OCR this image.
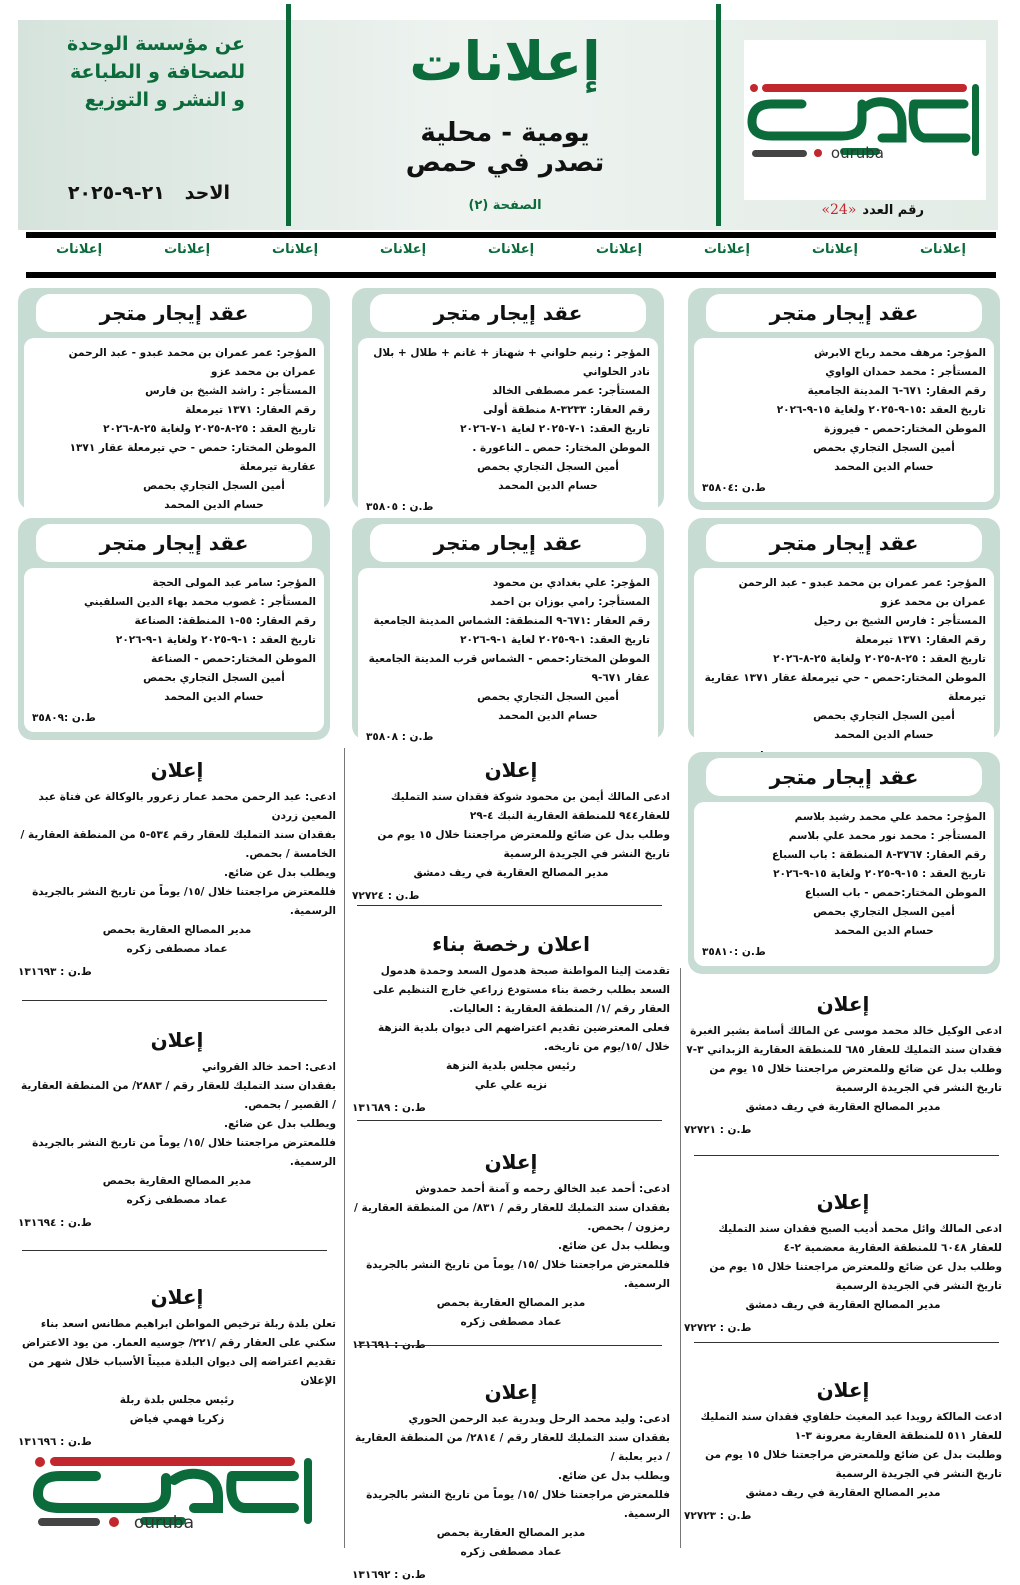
ouruba
رقم العدد
«24»
إعلانات
يومية - محلية
تصدر في حمص
الصفحة (٢)
عن مؤسسة الوحدة
للصحافة و الطباعة
و النشر و التوزيع
الاحد   ٢١-٩-٢٠٢٥
إعلانات
إعلانات
إعلانات
إعلانات
إعلانات
إعلانات
إعلانات
إعلانات
إعلانات
عقد إيجار متجر
المؤجر: مرهف محمد رباح الابرش
المستأجر : محمد حمدان الواوي
رقم العقار: ٦٧١-٦ المدينة الجامعية
تاريخ العقد :١٥-٩-٢٠٢٥ ولغاية ١٥-٩-٢٠٢٦
الموطن المختار:حمص - فيروزة
أمين السجل التجاري بحمص
حسام الدين المحمد
ط.ن :٣٥٨٠٤
عقد إيجار متجر
المؤجر : رنيم حلواني + شهناز + غانم + طلال + بلال نادر الحلواني
المستأجر: عمر مصطفى الخالد
رقم العقار: ٣٢٣٣-٨ منطقة أولى
تاريخ العقد: ١-٧-٢٠٢٥ لغاية ١-٧-٢٠٢٦
الموطن المختار: حمص ـ الناعورة .
أمين السجل التجاري بحمص
حسام الدين المحمد
ط.ن : ٣٥٨٠٥
عقد إيجار متجر
المؤجر: عمر عمران بن محمد عبدو - عبد الرحمن عمران بن محمد عزو
المستأجر : راشد الشيخ بن فارس
رقم العقار: ١٣٧١ تيرمعلة
تاريخ العقد : ٢٥-٨-٢٠٢٥ ولغاية ٢٥-٨-٢٠٢٦
الموطن المختار: حمص - حي تيرمعلة عقار ١٣٧١ عقارية تيرمعلة
أمين السجل التجاري بحمص
حسام الدين المحمد
عقد إيجار متجر
المؤجر: عمر عمران بن محمد عبدو - عبد الرحمن عمران بن محمد عزو
المستأجر : فارس الشيخ بن رحيل
رقم العقار: ١٣٧١ تيرمعلة
تاريخ العقد : ٢٥-٨-٢٠٢٥ ولغاية ٢٥-٨-٢٠٢٦
الموطن المختار:حمص - حي تيرمعلة عقار ١٣٧١ عقارية تيرمعلة
أمين السجل التجاري بحمص
حسام الدين المحمد
عقد إيجار متجر
المؤجر: علي بغدادي بن محمود
المستأجر: رامي بوزان بن احمد
رقم العقار :٦٧١-٩ المنطقة: الشماس المدينة الجامعية
تاريخ العقد: ١-٩-٢٠٢٥ لغاية ١-٩-٢٠٢٦
الموطن المختار:حمص - الشماس قرب المدينة الجامعية عقار ٦٧١-٩
أمين السجل التجاري بحمص
حسام الدين المحمد
ط.ن : ٣٥٨٠٨
عقد إيجار متجر
المؤجر: سامر عبد المولى الحجة
المستأجر : غصوب محمد بهاء الدين السلقيني
رقم العقار: ٥٥-١ المنطقة: الصناعة
تاريخ العقد : ١-٩-٢٠٢٥ ولغاية ١-٩-٢٠٢٦
الموطن المختار:حمص - الصناعة
أمين السجل التجاري بحمص
حسام الدين المحمد
ط.ن :٣٥٨٠٩
عقد إيجار متجر
المؤجر: محمد علي محمد رشيد بلاسم
المستأجر : محمد نور محمد علي بلاسم
رقم العقار: ٣٧٦٧-٨ المنطقة : باب السباع
تاريخ العقد : ١٥-٩-٢٠٢٥ ولغاية ١٥-٩-٢٠٢٦
الموطن المختار:حمص - باب السباع
أمين السجل التجاري بحمص
حسام الدين المحمد
ط.ن :٣٥٨١٠
إعلان
ادعى: عبد الرحمن محمد عمار زعرور بالوكالة عن فتاة عبد المعين زردن
بفقدان سند التمليك للعقار رقم ٥٣٤-٥ من المنطقة العقارية / الخامسة / بحمص.
ويطلب بدل عن ضائع.
فللمعترض مراجعتنا خلال /١٥/ يوماً من تاريخ النشر بالجريدة الرسمية.
مدير المصالح العقارية بحمص
عماد مصطفى زكره
ط.ن : ١٣١٦٩٣
إعلان
ادعى المالك أيمن بن محمود شوكة فقدان سند التمليك للعقار٩٤٤ للمنطقة العقارية النبك ٤-٢٩
وطلب بدل عن ضائع وللمعترض مراجعتنا خلال ١٥ يوم من تاريخ النشر في الجريدة الرسمية
مدير المصالح العقارية في ريف دمشق
ط.ن : ٧٢٧٢٤
اعلان رخصة بناء
تقدمت إلينا المواطنة صبحة هدمول السعد وحمدة هدمول السعد بطلب رخصة بناء مستودع زراعي خارج التنظيم على العقار رقم /١/ المنطقة العقارية : العاليات.
فعلى المعترضين تقديم اعتراضهم الى ديوان بلدية النزهة خلال /١٥/يوم من تاريخه.
رئيس مجلس بلدية النزهة
نزيه علي علي
ط.ن : ١٣١٦٨٩
إعلان
ادعى الوكيل خالد محمد موسى عن المالك أسامة بشير الغبرة فقدان سند التمليك للعقار ٦٨٥ للمنطقة العقارية الزبداني ٣-٧
وطلب بدل عن ضائع وللمعترض مراجعتنا خلال ١٥ يوم من تاريخ النشر في الجريدة الرسمية
مدير المصالح العقارية في ريف دمشق
ط.ن : ٧٢٧٢١
إعلان
ادعى: احمد خالد القرواني
بفقدان سند التمليك للعقار رقم / ٢٨٨٣/ من المنطقة العقارية / القصير / بحمص.
ويطلب بدل عن ضائع.
فللمعترض مراجعتنا خلال /١٥/ يوماً من تاريخ النشر بالجريدة الرسمية.
مدير المصالح العقارية بحمص
عماد مصطفى زكره
ط.ن : ١٣١٦٩٤
إعلان
ادعى: أحمد عبد الخالق رحمه و آمنة أحمد حمدوش
بفقدان سند التمليك للعقار رقم / ٨٣١/ من المنطقة العقارية / رمزون / بحمص.
ويطلب بدل عن ضائع.
فللمعترض مراجعتنا خلال /١٥/ يوماً من تاريخ النشر بالجريدة الرسمية.
مدير المصالح العقارية بحمص
عماد مصطفى زكره
ط.ن : ١٣١٦٩١
إعلان
ادعى المالك وائل محمد أديب الصبح فقدان سند التمليك للعقار ٦٠٤٨ للمنطقة العقارية معضمية ٢-٤
وطلب بدل عن ضائع وللمعترض مراجعتنا خلال ١٥ يوم من تاريخ النشر في الجريدة الرسمية
مدير المصالح العقارية في ريف دمشق
ط.ن : ٧٢٧٢٢
إعلان
تعلن بلدة ربلة ترخيص المواطن ابراهيم مطانس اسعد بناء سكني على العقار رقم /٢٢١/ جوسيه العمار. من يود الاعتراض تقديم اعتراضه إلى ديوان البلدة مبيناً الأسباب خلال شهر من الإعلان
رئيس مجلس بلدة ربلة
زكريا فهمي فياض
ط.ن : ١٣١٦٩٦
إعلان
ادعى: وليد محمد الرحل وبدرية عبد الرحمن الحوري
بفقدان سند التمليك للعقار رقم / ٢٨١٤/ من المنطقة العقارية / دير بعلبة /
ويطلب بدل عن ضائع.
فللمعترض مراجعتنا خلال /١٥/ يوماً من تاريخ النشر بالجريدة الرسمية.
مدير المصالح العقارية بحمص
عماد مصطفى زكره
ط.ن : ١٣١٦٩٢
إعلان
ادعت المالكة رويدا عبد المغيث حلفاوي فقدان سند التمليك للعقار ٥١١ للمنطقة العقارية معرونة ٣-١
وطلبت بدل عن ضائع وللمعترض مراجعتنا خلال ١٥ يوم من تاريخ النشر في الجريدة الرسمية
مدير المصالح العقارية في ريف دمشق
ط.ن : ٧٢٧٢٣
ouruba
